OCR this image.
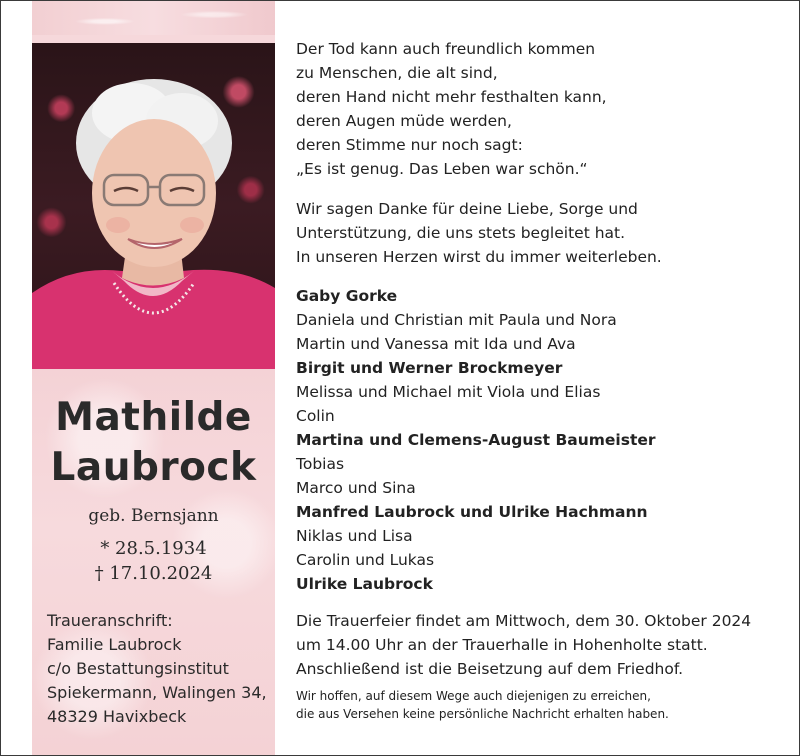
Mathilde
Laubrock
geb. Bernsjann
* 28.5.1934
† 17.10.2024
Traueranschrift:
Familie Laubrock
c/o Bestattungsinstitut
Spiekermann, Walingen 34,
48329 Havixbeck
Der Tod kann auch freundlich kommen
zu Menschen, die alt sind,
deren Hand nicht mehr festhalten kann,
deren Augen müde werden,
deren Stimme nur noch sagt:
„Es ist genug. Das Leben war schön.“
Wir sagen Danke für deine Liebe, Sorge und
Unterstützung, die uns stets begleitet hat.
In unseren Herzen wirst du immer weiterleben.
Gaby Gorke
Daniela und Christian mit Paula und Nora
Martin und Vanessa mit Ida und Ava
Birgit und Werner Brockmeyer
Melissa und Michael mit Viola und Elias
Colin
Martina und Clemens-August Baumeister
Tobias
Marco und Sina
Manfred Laubrock und Ulrike Hachmann
Niklas und Lisa
Carolin und Lukas
Ulrike Laubrock
Die Trauerfeier findet am Mittwoch, dem 30. Oktober 2024
um 14.00 Uhr an der Trauerhalle in Hohenholte statt.
Anschließend ist die Beisetzung auf dem Friedhof.
Wir hoffen, auf diesem Wege auch diejenigen zu erreichen,
die aus Versehen keine persönliche Nachricht erhalten haben.
